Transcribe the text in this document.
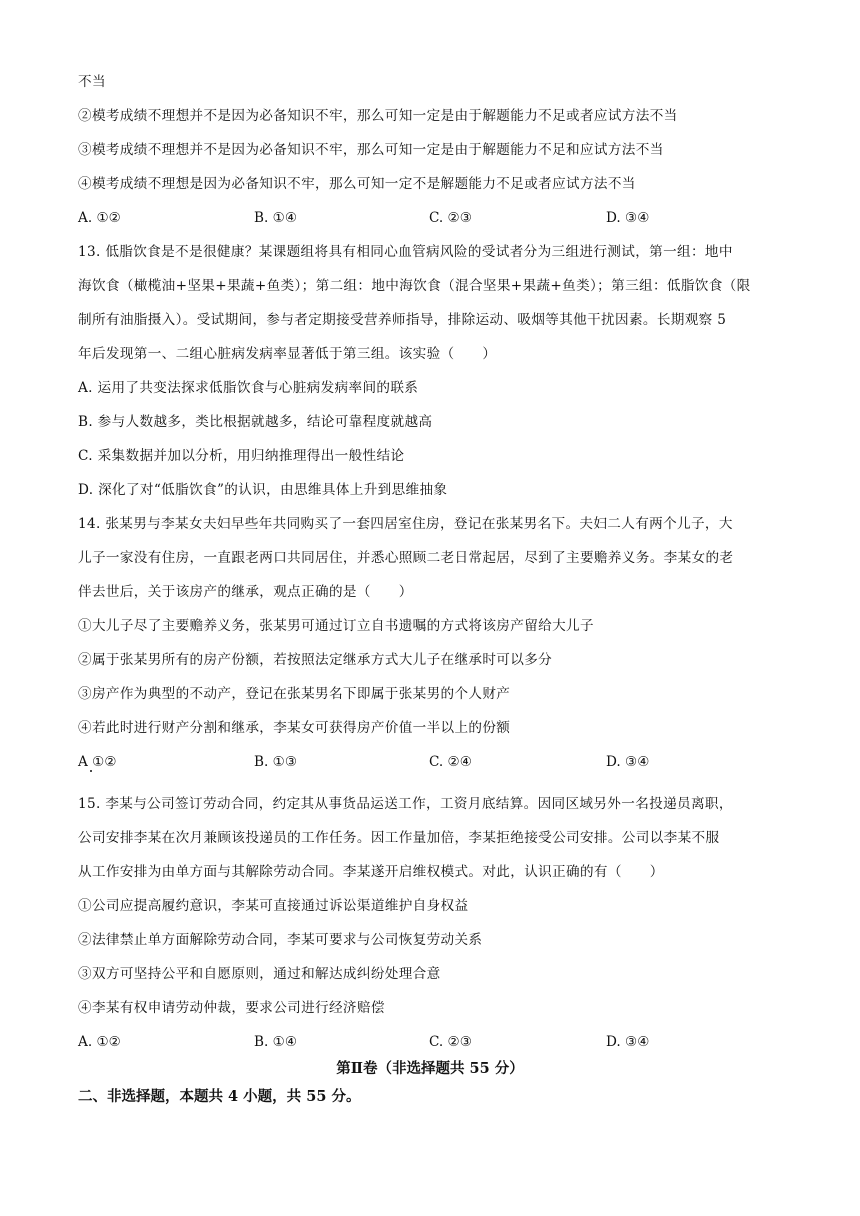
不当
②模考成绩不理想并不是因为必备知识不牢，那么可知一定是由于解题能力不足或者应试方法不当
③模考成绩不理想并不是因为必备知识不牢，那么可知一定是由于解题能力不足和应试方法不当
④模考成绩不理想是因为必备知识不牢，那么可知一定不是解题能力不足或者应试方法不当
A. ①②	B. ①④	C. ②③	D. ③④
13. 低脂饮食是不是很健康？某课题组将具有相同心血管病风险的受试者分为三组进行测试，第一组：地中
海饮食（橄榄油+坚果+果蔬+鱼类）；第二组：地中海饮食（混合坚果+果蔬+鱼类）；第三组：低脂饮食（限
制所有油脂摄入）。受试期间，参与者定期接受营养师指导，排除运动、吸烟等其他干扰因素。长期观察 5
年后发现第一、二组心脏病发病率显著低于第三组。该实验（　　）
A. 运用了共变法探求低脂饮食与心脏病发病率间的联系
B. 参与人数越多，类比根据就越多，结论可靠程度就越高
C. 采集数据并加以分析，用归纳推理得出一般性结论
D. 深化了对“低脂饮食”的认识，由思维具体上升到思维抽象
14. 张某男与李某女夫妇早些年共同购买了一套四居室住房，登记在张某男名下。夫妇二人有两个儿子，大
儿子一家没有住房，一直跟老两口共同居住，并悉心照顾二老日常起居，尽到了主要赡养义务。李某女的老
伴去世后，关于该房产的继承，观点正确的是（　　）
①大儿子尽了主要赡养义务，张某男可通过订立自书遗嘱的方式将该房产留给大儿子
②属于张某男所有的房产份额，若按照法定继承方式大儿子在继承时可以多分
③房产作为典型的不动产，登记在张某男名下即属于张某男的个人财产
④若此时进行财产分割和继承，李某女可获得房产价值一半以上的份额
A ①②	B. ①③	C. ②④	D. ③④
15. 李某与公司签订劳动合同，约定其从事货品运送工作，工资月底结算。因同区域另外一名投递员离职，
公司安排李某在次月兼顾该投递员的工作任务。因工作量加倍，李某拒绝接受公司安排。公司以李某不服
从工作安排为由单方面与其解除劳动合同。李某遂开启维权模式。对此，认识正确的有（　　）
①公司应提高履约意识，李某可直接通过诉讼渠道维护自身权益
②法律禁止单方面解除劳动合同，李某可要求与公司恢复劳动关系
③双方可坚持公平和自愿原则，通过和解达成纠纷处理合意
④李某有权申请劳动仲裁，要求公司进行经济赔偿
A. ①②	B. ①④	C. ②③	D. ③④
第Ⅱ卷（非选择题共 55 分）
二、非选择题，本题共 4 小题，共 55 分。
